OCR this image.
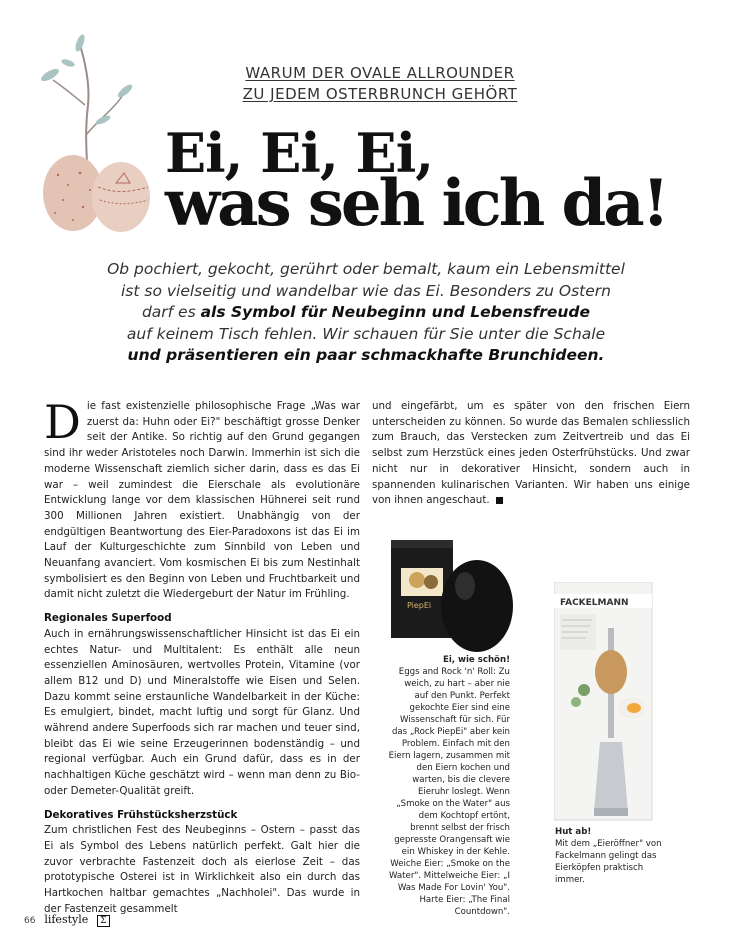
WARUM DER OVALE ALLROUNDER
ZU JEDEM OSTERBRUNCH GEHÖRT
Ei, Ei, Ei,
was seh ich da!
Ob pochiert, gekocht, gerührt oder bemalt, kaum ein Lebensmittel
ist so vielseitig und wandelbar wie das Ei. Besonders zu Ostern
darf es als Symbol für Neubeginn und Lebensfreude
auf keinem Tisch fehlen. Wir schauen für Sie unter die Schale
und präsentieren ein paar schmackhafte Brunchideen.

Die fast existenzielle philosophische Frage „Was war zuerst da: Huhn oder Ei?" beschäftigt grosse Denker seit der Antike. So richtig auf den Grund gegangen sind ihr weder Aristoteles noch Darwin. Immerhin ist sich die moderne Wissenschaft ziemlich sicher darin, dass es das Ei war – weil zumindest die Eierschale als evolutionäre Entwicklung lange vor dem klassischen Hühnerei seit rund 300 Millionen Jahren existiert. Unabhängig von der endgültigen Beantwortung des Eier-Paradoxons ist das Ei im Lauf der Kulturgeschichte zum Sinnbild von Leben und Neuanfang avanciert. Vom kosmischen Ei bis zum Nestinhalt symbolisiert es den Beginn von Leben und Fruchtbarkeit und damit nicht zuletzt die Wiedergeburt der Natur im Frühling.

Regionales Superfood

Auch in ernährungswissenschaftlicher Hinsicht ist das Ei ein echtes Natur- und Multitalent: Es enthält alle neun essenziellen Aminosäuren, wertvolles Protein, Vitamine (vor allem B12 und D) und Mineralstoffe wie Eisen und Selen. Dazu kommt seine erstaunliche Wandelbarkeit in der Küche: Es emulgiert, bindet, macht luftig und sorgt für Glanz. Und während andere Superfoods sich rar machen und teuer sind, bleibt das Ei wie seine Erzeugerinnen bodenständig – und regional verfügbar. Auch ein Grund dafür, dass es in der nachhaltigen Küche geschätzt wird – wenn man denn zu Bio- oder Demeter-Qualität greift.

Dekoratives Frühstücksherzstück

Zum christlichen Fest des Neubeginns – Ostern – passt das Ei als Symbol des Lebens natürlich perfekt. Galt hier die zuvor verbrachte Fastenzeit doch als eierlose Zeit – das prototypische Osterei ist in Wirklichkeit also ein durch das Hartkochen haltbar gemachtes „Nachholei". Das wurde in der Fastenzeit gesammelt

und eingefärbt, um es später von den frischen Eiern unterscheiden zu können. So wurde das Bemalen schliesslich zum Brauch, das Verstecken zum Zeitvertreib und das Ei selbst zum Herzstück eines jeden Osterfrühstücks. Und zwar nicht nur in dekorativer Hinsicht, sondern auch in spannenden kulinarischen Varianten. Wir haben uns einige von ihnen angeschaut.

PiepEi
Ei, wie schön!
Eggs and Rock 'n' Roll: Zu weich, zu hart – aber nie auf den Punkt. Perfekt gekochte Eier sind eine Wissenschaft für sich. Für das „Rock PiepEi" aber kein Problem. Einfach mit den Eiern lagern, zusammen mit den Eiern kochen und warten, bis die clevere Eieruhr loslegt. Wenn „Smoke on the Water" aus dem Kochtopf ertönt, brennt selbst der frisch gepresste Orangensaft wie ein Whiskey in der Kehle. Weiche Eier: „Smoke on the Water". Mittelweiche Eier: „I Was Made For Lovin' You". Harte Eier: „The Final Countdown".
FACKELMANN
Hut ab!
Mit dem „Eieröffner" von Fackelmann gelingt das Eierköpfen praktisch immer.
66 lifestyle Σ
